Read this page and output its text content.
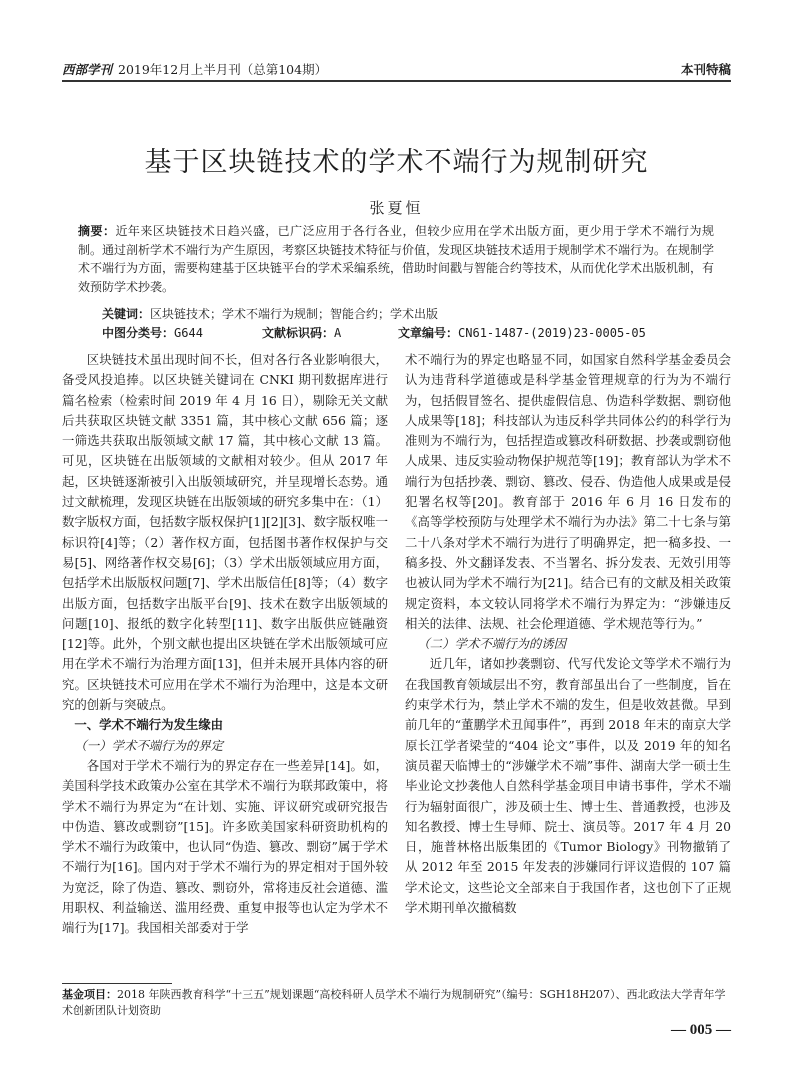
西部学刊 2019年12月上半月刊（总第104期）	本刊特稿
基于区块链技术的学术不端行为规制研究
张夏恒
摘要：近年来区块链技术日趋兴盛，已广泛应用于各行各业，但较少应用在学术出版方面，更少用于学术不端行为规制。通过剖析学术不端行为产生原因，考察区块链技术特征与价值，发现区块链技术适用于规制学术不端行为。在规制学术不端行为方面，需要构建基于区块链平台的学术采编系统，借助时间戳与智能合约等技术，从而优化学术出版机制，有效预防学术抄袭。
关键词：区块链技术；学术不端行为规制；智能合约；学术出版
中图分类号：G644	文献标识码：A	文章编号：CN61-1487-(2019)23-0005-05

区块链技术虽出现时间不长，但对各行各业影响很大，备受风投追捧。以区块链关键词在 CNKI 期刊数据库进行篇名检索（检索时间 2019 年 4 月 16 日），剔除无关文献后共获取区块链文献 3351 篇，其中核心文献 656 篇；逐一筛选共获取出版领域文献 17 篇，其中核心文献 13 篇。可见，区块链在出版领域的文献相对较少。但从 2017 年起，区块链逐渐被引入出版领域研究，并呈现增长态势。通过文献梳理，发现区块链在出版领域的研究多集中在：（1）数字版权方面，包括数字版权保护[1][2][3]、数字版权唯一标识符[4]等；（2）著作权方面，包括图书著作权保护与交易[5]、网络著作权交易[6]；（3）学术出版领域应用方面，包括学术出版版权问题[7]、学术出版信任[8]等；（4）数字出版方面，包括数字出版平台[9]、技术在数字出版领域的问题[10]、报纸的数字化转型[11]、数字出版供应链融资[12]等。此外，个别文献也提出区块链在学术出版领域可应用在学术不端行为治理方面[13]，但并未展开具体内容的研究。区块链技术可应用在学术不端行为治理中，这是本文研究的创新与突破点。

一、学术不端行为发生缘由

（一）学术不端行为的界定

各国对于学术不端行为的界定存在一些差异[14]。如，美国科学技术政策办公室在其学术不端行为联邦政策中，将学术不端行为界定为“在计划、实施、评议研究或研究报告中伪造、篡改或剽窃”[15]。许多欧美国家科研资助机构的学术不端行为政策中，也认同“伪造、篡改、剽窃”属于学术不端行为[16]。国内对于学术不端行为的界定相对于国外较为宽泛，除了伪造、篡改、剽窃外，常将违反社会道德、滥用职权、利益输送、滥用经费、重复申报等也认定为学术不端行为[17]。我国相关部委对于学

术不端行为的界定也略显不同，如国家自然科学基金委员会认为违背科学道德或是科学基金管理规章的行为为不端行为，包括假冒签名、提供虚假信息、伪造科学数据、剽窃他人成果等[18]；科技部认为违反科学共同体公约的科学行为准则为不端行为，包括捏造或篡改科研数据、抄袭或剽窃他人成果、违反实验动物保护规范等[19]；教育部认为学术不端行为包括抄袭、剽窃、篡改、侵吞、伪造他人成果或是侵犯署名权等[20]。教育部于 2016 年 6 月 16 日发布的《高等学校预防与处理学术不端行为办法》第二十七条与第二十八条对学术不端行为进行了明确界定，把一稿多投、一稿多投、外文翻译发表、不当署名、拆分发表、无效引用等也被认同为学术不端行为[21]。结合已有的文献及相关政策规定资料，本文较认同将学术不端行为界定为：“涉嫌违反相关的法律、法规、社会伦理道德、学术规范等行为。”

（二）学术不端行为的诱因

近几年，诸如抄袭剽窃、代写代发论文等学术不端行为在我国教育领域层出不穷，教育部虽出台了一些制度，旨在约束学术行为，禁止学术不端的发生，但是收效甚微。早到前几年的“董鹏学术丑闻事件”，再到 2018 年末的南京大学原长江学者梁莹的“404 论文”事件，以及 2019 年的知名演员翟天临博士的“涉嫌学术不端”事件、湖南大学一硕士生毕业论文抄袭他人自然科学基金项目申请书事件，学术不端行为辐射面很广，涉及硕士生、博士生、普通教授，也涉及知名教授、博士生导师、院士、演员等。2017 年 4 月 20 日，施普林格出版集团的《Tumor Biology》刊物撤销了从 2012 年至 2015 年发表的涉嫌同行评议造假的 107 篇学术论文，这些论文全部来自于我国作者，这也创下了正规学术期刊单次撤稿数

基金项目：2018 年陕西教育科学“十三五”规划课题“高校科研人员学术不端行为规制研究”（编号：SGH18H207）、西北政法大学青年学术创新团队计划资助
— 005 —
